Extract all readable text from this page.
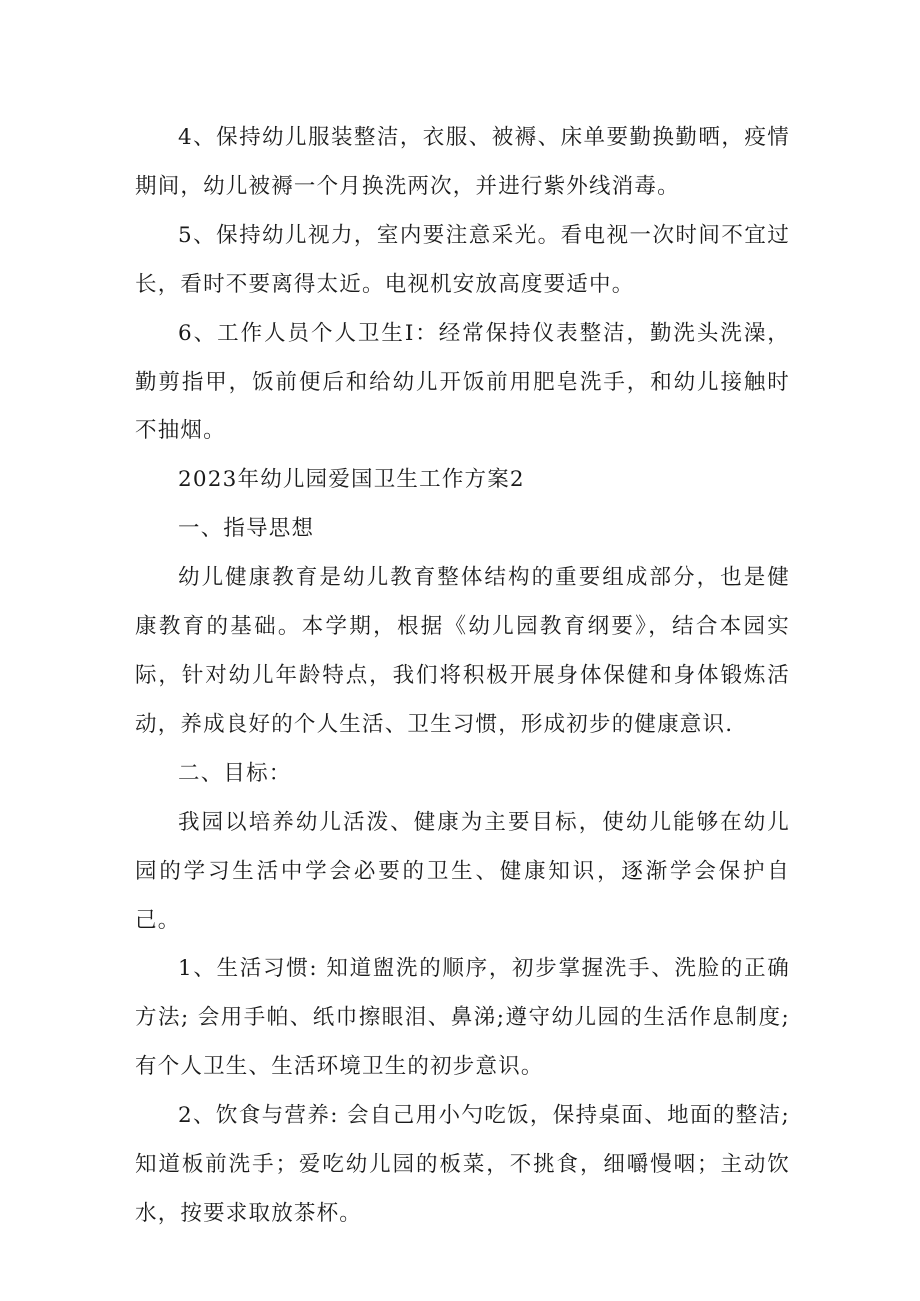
4、保持幼儿服装整洁，衣服、被褥、床单要勤换勤晒，疫情期间，幼儿被褥一个月换洗两次，并进行紫外线消毒。

5、保持幼儿视力，室内要注意采光。看电视一次时间不宜过长，看时不要离得太近。电视机安放高度要适中。

6、工作人员个人卫生I：经常保持仪表整洁，勤洗头洗澡，勤剪指甲，饭前便后和给幼儿开饭前用肥皂洗手，和幼儿接触时不抽烟。

2023年幼儿园爱国卫生工作方案2

一、指导思想

幼儿健康教育是幼儿教育整体结构的重要组成部分，也是健康教育的基础。本学期，根据《幼儿园教育纲要》，结合本园实际，针对幼儿年龄特点，我们将积极开展身体保健和身体锻炼活动，养成良好的个人生活、卫生习惯，形成初步的健康意识.

二、目标：

我园以培养幼儿活泼、健康为主要目标，使幼儿能够在幼儿园的学习生活中学会必要的卫生、健康知识，逐渐学会保护自己。

1、生活习惯: 知道盥洗的顺序，初步掌握洗手、洗脸的正确方法; 会用手帕、纸巾擦眼泪、鼻涕;遵守幼儿园的生活作息制度;有个人卫生、生活环境卫生的初步意识。

2、饮食与营养: 会自己用小勺吃饭，保持桌面、地面的整洁;知道板前洗手；爱吃幼儿园的板菜，不挑食，细嚼慢咽；主动饮水，按要求取放茶杯。
